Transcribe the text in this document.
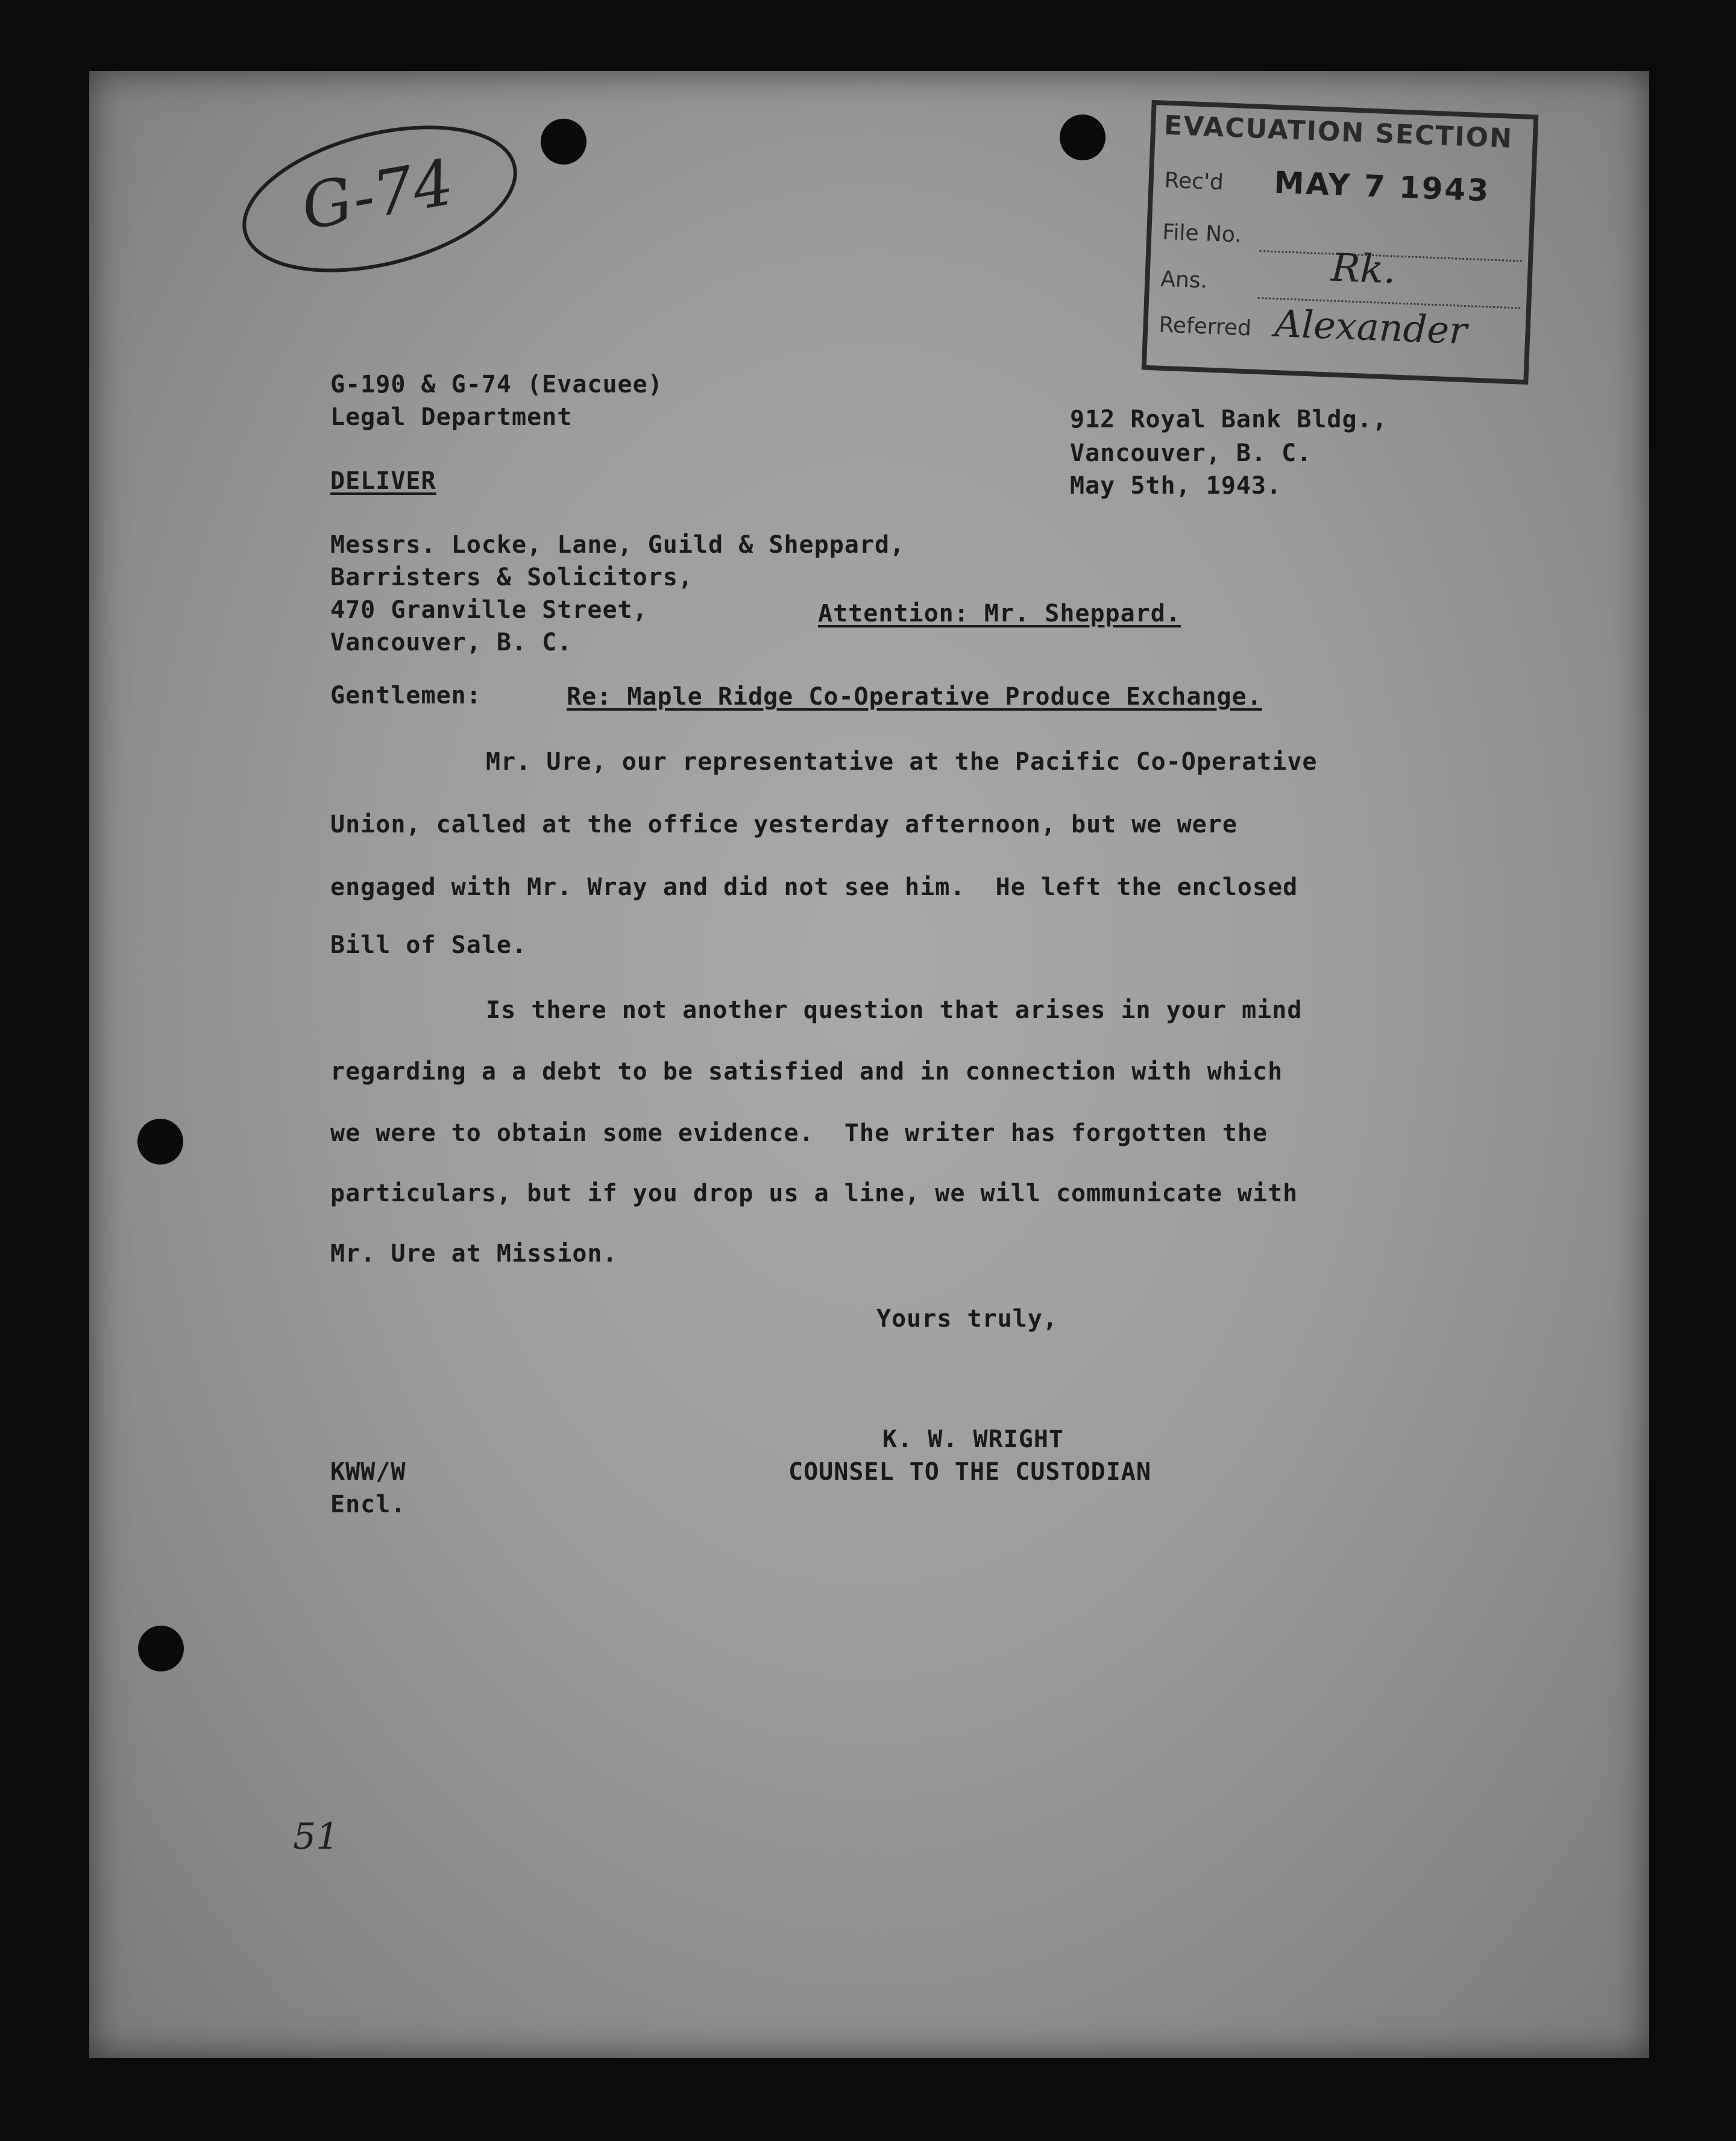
G-74
EVACUATION SECTION
Rec'd MAY 7 1943
File No.
Ans.
Referred
Rk.
Alexander
G-190 & G-74 (Evacuee)
Legal Department	912 Royal Bank Bldg.,
Vancouver, B. C.
May 5th, 1943.
DELIVER
Messrs. Locke, Lane, Guild & Sheppard,
Barristers & Solicitors,
470 Granville Street,
Vancouver, B. C.
Attention: Mr. Sheppard.
Gentlemen:	Re: Maple Ridge Co-Operative Produce Exchange.
Mr. Ure, our representative at the Pacific Co-Operative
Union, called at the office yesterday afternoon, but we were
engaged with Mr. Wray and did not see him.  He left the enclosed
Bill of Sale.
Is there not another question that arises in your mind
regarding a a debt to be satisfied and in connection with which
we were to obtain some evidence.  The writer has forgotten the
particulars, but if you drop us a line, we will communicate with
Mr. Ure at Mission.
Yours truly,
K. W. WRIGHT
COUNSEL TO THE CUSTODIAN
KWW/W
Encl.
51
